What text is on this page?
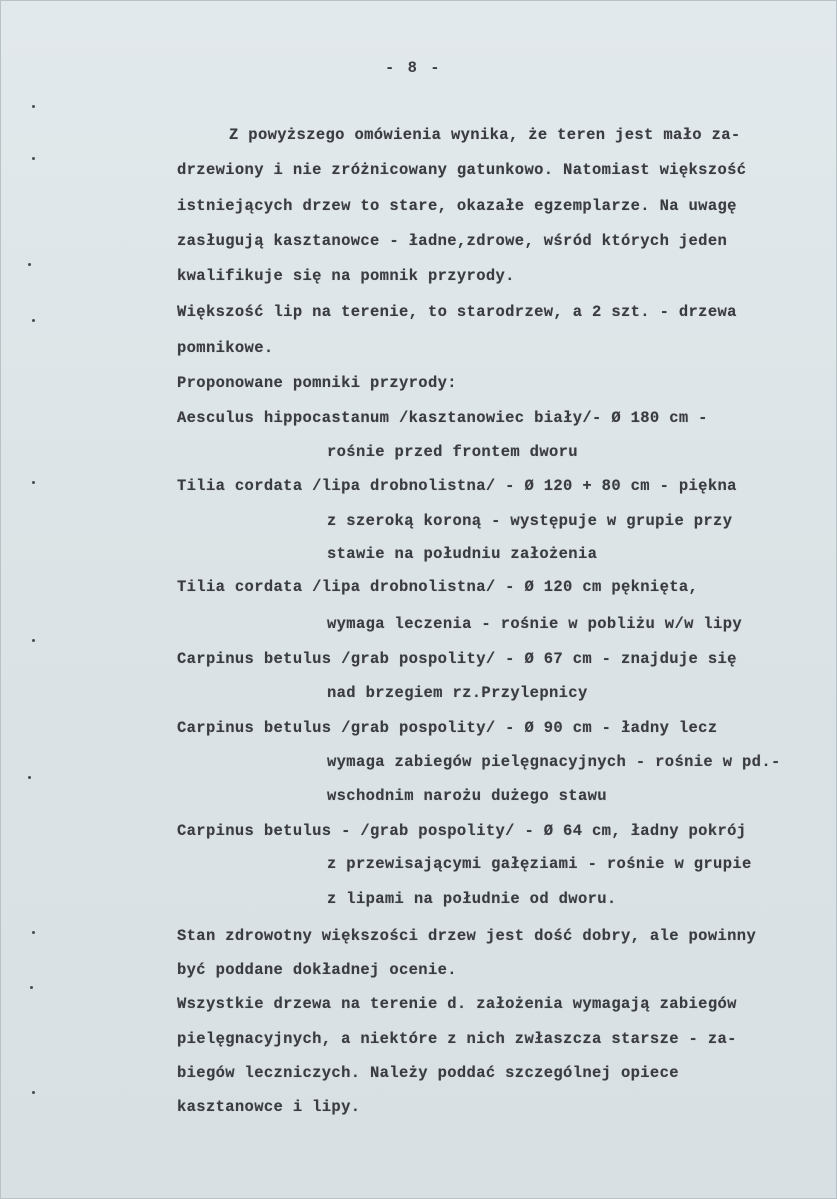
- 8 -
Z powyższego omówienia wynika, że teren jest mało za-
drzewiony i nie zróżnicowany gatunkowo. Natomiast większość
istniejących drzew to stare, okazałe egzemplarze. Na uwagę
zasługują kasztanowce - ładne,zdrowe, wśród których jeden
kwalifikuje się na pomnik przyrody.
Większość lip na terenie, to starodrzew, a 2 szt. - drzewa
pomnikowe.
Proponowane pomniki przyrody:
Aesculus hippocastanum /kasztanowiec biały/- Ø 180 cm -
rośnie przed frontem dworu
Tilia cordata /lipa drobnolistna/ - Ø 120 + 80 cm - piękna
z szeroką koroną - występuje w grupie przy
stawie na południu założenia
Tilia cordata /lipa drobnolistna/ - Ø 120 cm pęknięta,
wymaga leczenia - rośnie w pobliżu w/w lipy
Carpinus betulus /grab pospolity/ - Ø 67 cm - znajduje się
nad brzegiem rz.Przylepnicy
Carpinus betulus /grab pospolity/ - Ø 90 cm - ładny lecz
wymaga zabiegów pielęgnacyjnych - rośnie w pd.-
wschodnim narożu dużego stawu
Carpinus betulus - /grab pospolity/ - Ø 64 cm, ładny pokrój
z przewisającymi gałęziami - rośnie w grupie
z lipami na południe od dworu.
Stan zdrowotny większości drzew jest dość dobry, ale powinny
być poddane dokładnej ocenie.
Wszystkie drzewa na terenie d. założenia wymagają zabiegów
pielęgnacyjnych, a niektóre z nich zwłaszcza starsze - za-
biegów leczniczych. Należy poddać szczególnej opiece
kasztanowce i lipy.
